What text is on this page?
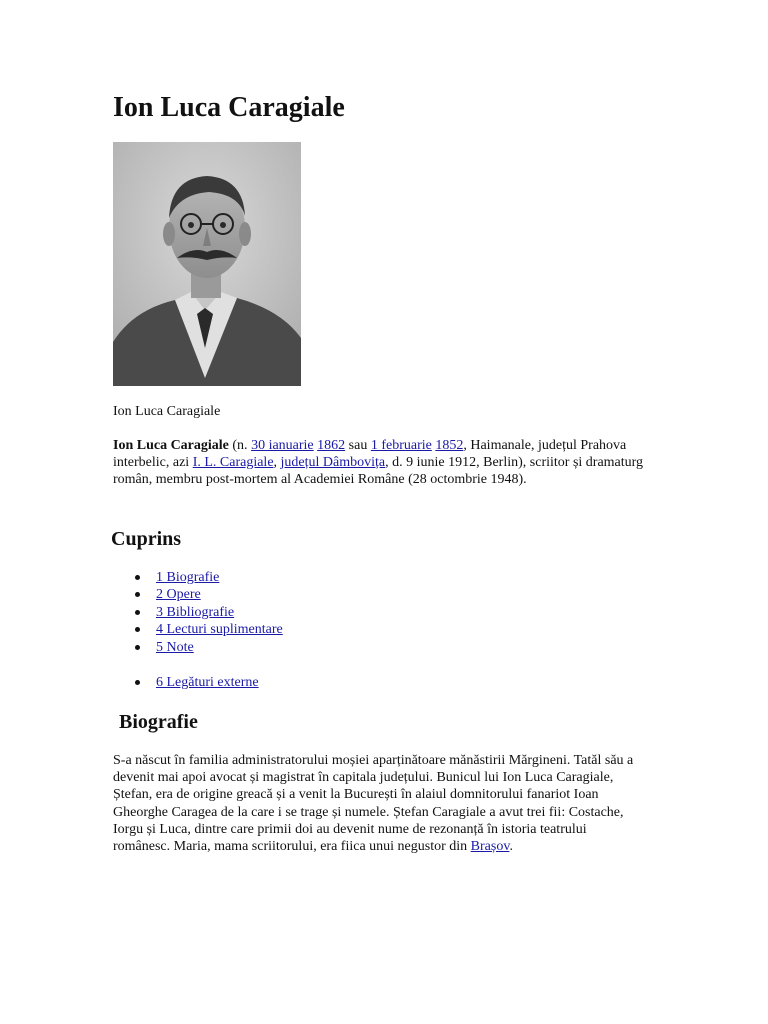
Ion Luca Caragiale
Ion Luca Caragiale

Ion Luca Caragiale (n. 30 ianuarie 1862 sau 1 februarie 1852, Haimanale, județul Prahova interbelic, azi I. L. Caragiale, județul Dâmbovița, d. 9 iunie 1912, Berlin), scriitor și dramaturg român, membru post-mortem al Academiei Române (28 octombrie 1948).

Cuprins
1 Biografie
2 Opere
3 Bibliografie
4 Lecturi suplimentare
5 Note
6 Legături externe
Biografie

S-a născut în familia administratorului moșiei aparținătoare mănăstirii Mărgineni. Tatăl său a devenit mai apoi avocat și magistrat în capitala județului. Bunicul lui Ion Luca Caragiale, Ștefan, era de origine greacă și a venit la București în alaiul domnitorului fanariot Ioan Gheorghe Caragea de la care i se trage și numele. Ștefan Caragiale a avut trei fii: Costache, Iorgu și Luca, dintre care primii doi au devenit nume de rezonanță în istoria teatrului românesc. Maria, mama scriitorului, era fiica unui negustor din Brașov.
